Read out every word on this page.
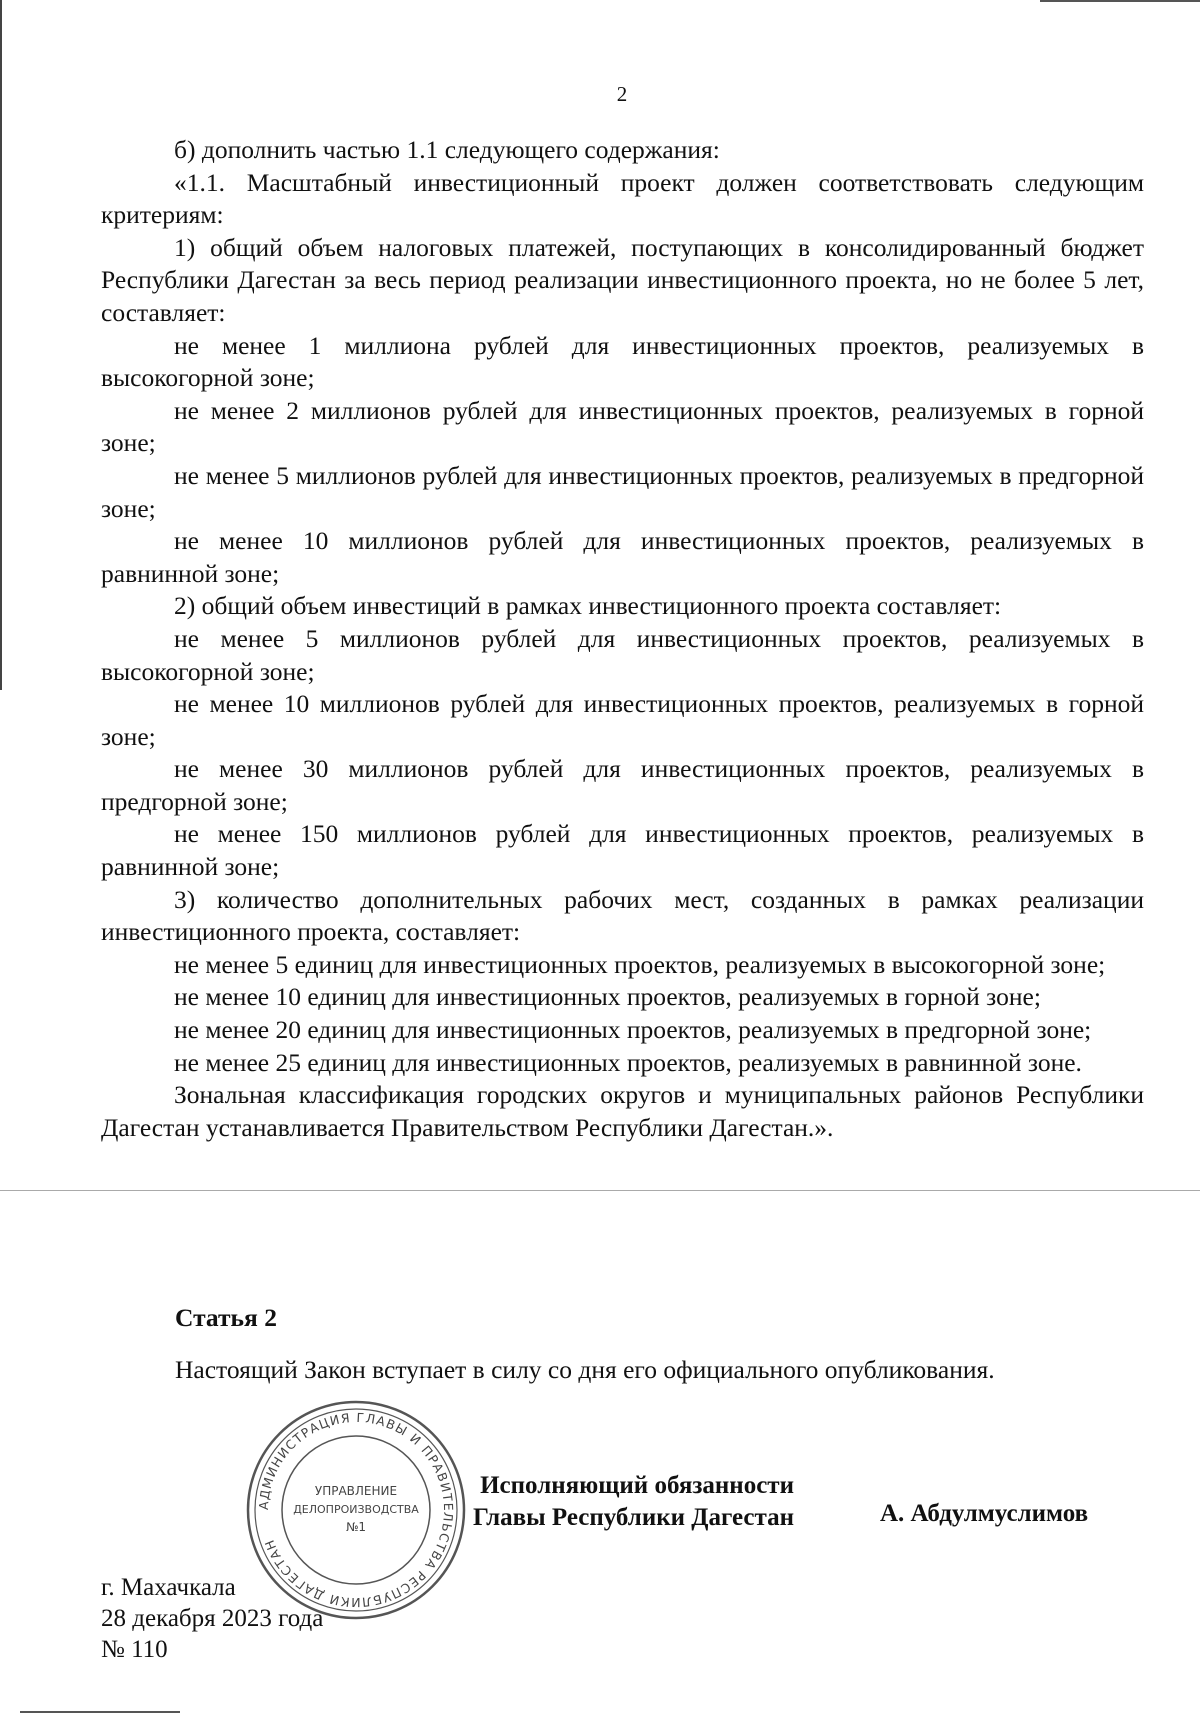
2

б) дополнить частью 1.1 следующего содержания:

«1.1. Масштабный инвестиционный проект должен соответствовать следующим критериям:

1) общий объем налоговых платежей, поступающих в консолидированный бюджет Республики Дагестан за весь период реализации инвестиционного проекта, но не более 5 лет, составляет:

не менее 1 миллиона рублей для инвестиционных проектов, реализуемых в высокогорной зоне;

не менее 2 миллионов рублей для инвестиционных проектов, реализуемых в горной зоне;

не менее 5 миллионов рублей для инвестиционных проектов, реализуемых в предгорной зоне;

не менее 10 миллионов рублей для инвестиционных проектов, реализуемых в равнинной зоне;

2) общий объем инвестиций в рамках инвестиционного проекта составляет:

не менее 5 миллионов рублей для инвестиционных проектов, реализуемых в высокогорной зоне;

не менее 10 миллионов рублей для инвестиционных проектов, реализуемых в горной зоне;

не менее 30 миллионов рублей для инвестиционных проектов, реализуемых в предгорной зоне;

не менее 150 миллионов рублей для инвестиционных проектов, реализуемых в равнинной зоне;

3) количество дополнительных рабочих мест, созданных в рамках реализации инвестиционного проекта, составляет:

не менее 5 единиц для инвестиционных проектов, реализуемых в высокогорной зоне;

не менее 10 единиц для инвестиционных проектов, реализуемых в горной зоне;

не менее 20 единиц для инвестиционных проектов, реализуемых в предгорной зоне;

не менее 25 единиц для инвестиционных проектов, реализуемых в равнинной зоне.

Зональная классификация городских округов и муниципальных районов Республики Дагестан устанавливается Правительством Республики Дагестан.».

Статья 2
Настоящий Закон вступает в силу со дня его официального опубликования.
АДМИНИСТРАЦИЯ ГЛАВЫ И ПРАВИТЕЛЬСТВА РЕСПУБЛИКИ ДАГЕСТАН
УПРАВЛЕНИЕ
ДЕЛОПРОИЗВОДСТВА
№1
Исполняющий обязанности
Главы Республики Дагестан	А. Абдулмуслимов
г. Махачкала
28 декабря 2023 года
№ 110
